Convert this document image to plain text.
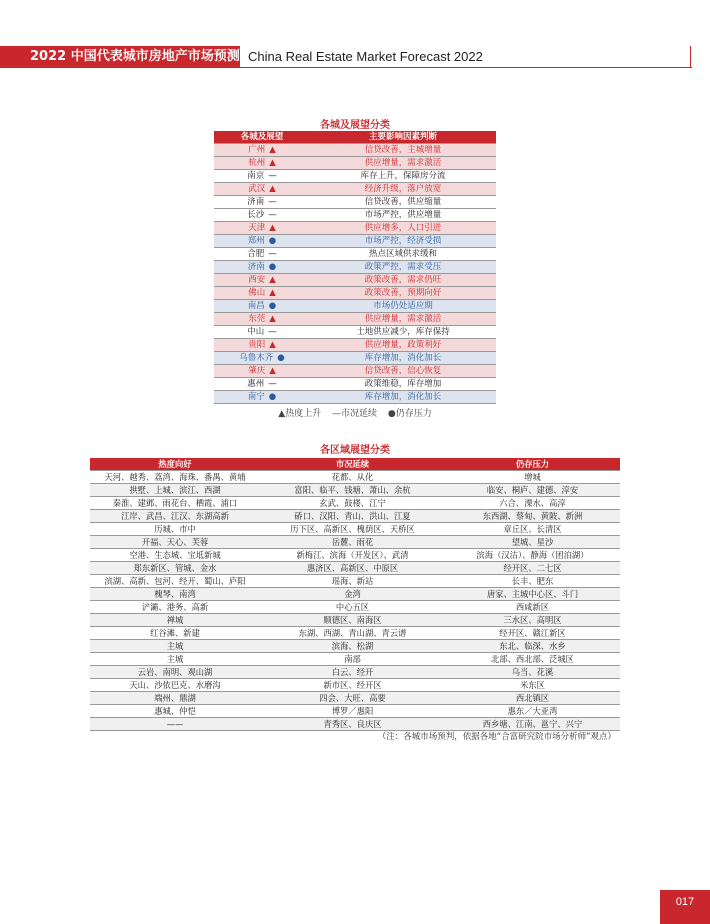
2022 中国代表城市房地产市场预测 China Real Estate Market Forecast 2022
各城及展望分类
各城及展望	主要影响因素判断
广州 ▲	信贷改善，主城增量
杭州 ▲	供应增量，需求激活
南京 —	库存上升，保障房分流
武汉 ▲	经济升级，落户放宽
济南 —	信贷改善，供应缩量
长沙 —	市场严控，供应增量
天津 ▲	供应增多，人口引进
郑州 ●	市场严控，经济受损
合肥 —	热点区域供求缓和
济南 ●	政策严控，需求受压
西安 ▲	政策改善，需求仍旺
佛山 ▲	政策改善，预期向好
南昌 ●	市场仍处适应期
东莞 ▲	供应增量，需求激活
中山 —	土地供应减少，库存保持
贵阳 ▲	供应增量，政策利好
乌鲁木齐 ●	库存增加，消化加长
肇庆 ▲	信贷改善，信心恢复
惠州 —	政策维稳，库存增加
南宁 ●	库存增加，消化加长
▲热度上升 —市况延续 ●仍存压力
各区域展望分类
热度向好	市况延续	仍存压力
天河、越秀、荔湾、海珠、番禺、黄埔	花都、从化	增城
拱墅、上城、滨江、西湖	富阳、临平、钱塘、萧山、余杭	临安、桐庐、建德、淳安
秦淮、建邺、雨花台、栖霞、浦口	玄武、鼓楼、江宁	六合、溧水、高淳
江岸、武昌、江汉、东湖高新	硚口、汉阳、青山、洪山、江夏	东西湖、蔡甸、黄陂、新洲
历城、市中	历下区、高新区、槐荫区、天桥区	章丘区、长清区
开福、天心、芙蓉	岳麓、雨花	望城、星沙
空港、生态城、宝坻新城	新梅江、滨海（开发区）、武清	滨海（汉沽）、静海（团泊湖）
郑东新区、管城、金水	惠济区、高新区、中原区	经开区、二七区
滨湖、高新、包河、经开、蜀山、庐阳	瑶海、新站	长丰、肥东
槐琴、南湾	金湾	唐家、主城中心区、斗门
浐灞、港务、高新	中心五区	西咸新区
禅城	顺德区、南海区	三水区、高明区
红谷滩、新建	东湖、西湖、青山湖、青云谱	经开区、赣江新区
主城	滨海、松湖	东北、临深、水乡
主城	南部	北部、西北部、泛城区
云岩、南明、观山湖	白云、经开	乌当、花溪
天山、沙依巴克、水磨沟	新市区、经开区	米东区
端州、鼎湖	四会、大旺、高要	西北镇区
惠城、仲恺	博罗／惠阳	惠东／大亚湾
——	青秀区、良庆区	西乡塘、江南、邕宁、兴宁
（注：各城市场预判，依据各地“合富研究院市场分析师”观点）
017
